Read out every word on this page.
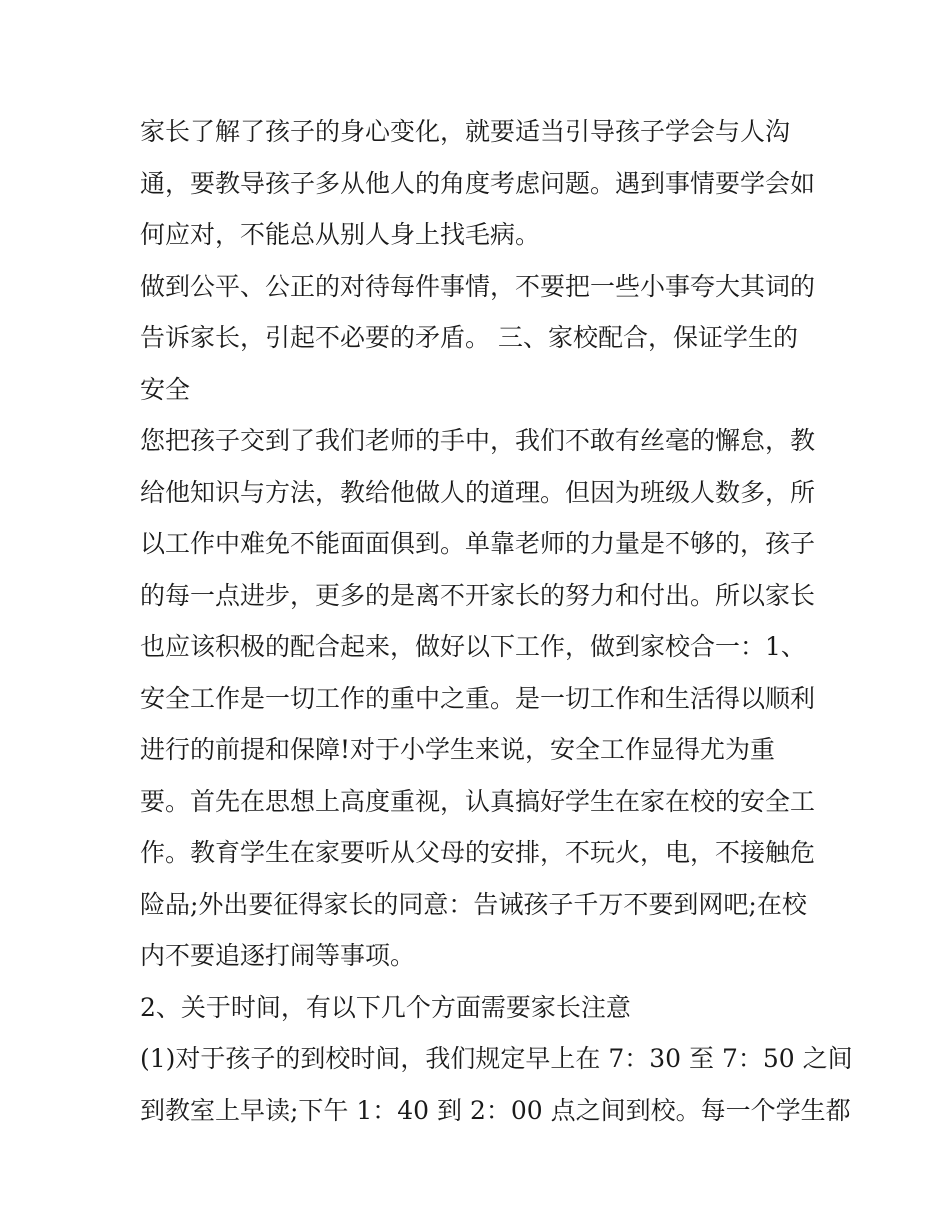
家长了解了孩子的身心变化，就要适当引导孩子学会与人沟
通，要教导孩子多从他人的角度考虑问题。遇到事情要学会如
何应对，不能总从别人身上找毛病。
做到公平、公正的对待每件事情，不要把一些小事夸大其词的
告诉家长，引起不必要的矛盾。 三、家校配合，保证学生的
安全
您把孩子交到了我们老师的手中，我们不敢有丝毫的懈怠，教
给他知识与方法，教给他做人的道理。但因为班级人数多，所
以工作中难免不能面面俱到。单靠老师的力量是不够的，孩子
的每一点进步，更多的是离不开家长的努力和付出。所以家长
也应该积极的配合起来，做好以下工作，做到家校合一：1、
安全工作是一切工作的重中之重。是一切工作和生活得以顺利
进行的前提和保障!对于小学生来说，安全工作显得尤为重
要。首先在思想上高度重视，认真搞好学生在家在校的安全工
作。教育学生在家要听从父母的安排，不玩火，电，不接触危
险品;外出要征得家长的同意：告诫孩子千万不要到网吧;在校
内不要追逐打闹等事项。
2、关于时间，有以下几个方面需要家长注意
(1)对于孩子的到校时间，我们规定早上在 7：30 至 7：50 之间
到教室上早读;下午 1：40 到 2：00 点之间到校。每一个学生都
